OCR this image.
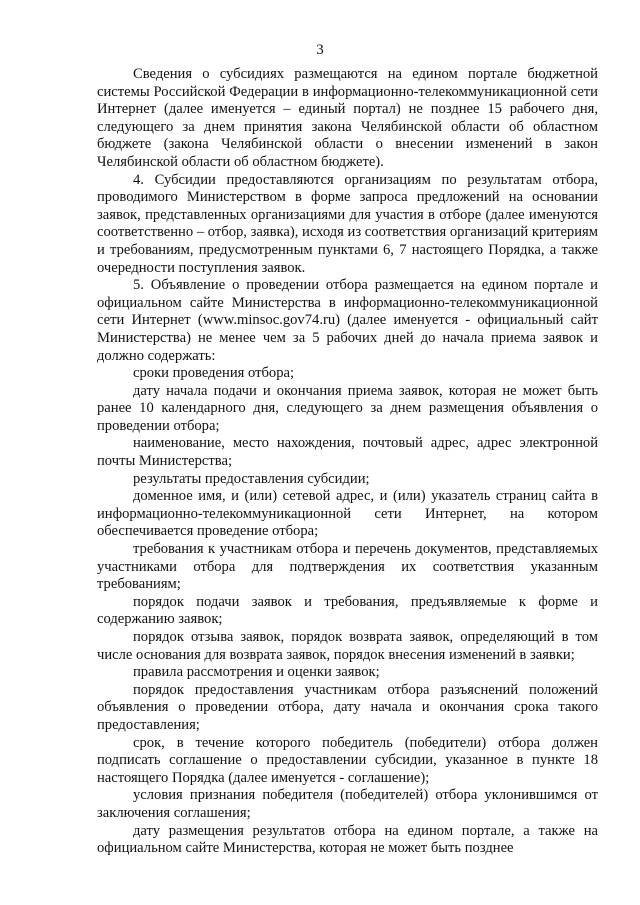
3

Сведения о субсидиях размещаются на едином портале бюджетной системы Российской Федерации в информационно-телекоммуникационной сети Интернет (далее именуется – единый портал) не позднее 15 рабочего дня, следующего за днем принятия закона Челябинской области об областном бюджете (закона Челябинской области о внесении изменений в закон Челябинской области об областном бюджете).

4. Субсидии предоставляются организациям по результатам отбора, проводимого Министерством в форме запроса предложений на основании заявок, представленных организациями для участия в отборе (далее именуются соответственно – отбор, заявка), исходя из соответствия организаций критериям и требованиям, предусмотренным пунктами 6, 7 настоящего Порядка, а также очередности поступления заявок.

5. Объявление о проведении отбора размещается на едином портале и официальном сайте Министерства в информационно-телекоммуникационной сети Интернет (www.minsoc.gov74.ru) (далее именуется - официальный сайт Министерства) не менее чем за 5 рабочих дней до начала приема заявок и должно содержать:

сроки проведения отбора;

дату начала подачи и окончания приема заявок, которая не может быть ранее 10 календарного дня, следующего за днем размещения объявления о проведении отбора;

наименование, место нахождения, почтовый адрес, адрес электронной почты Министерства;

результаты предоставления субсидии;

доменное имя, и (или) сетевой адрес, и (или) указатель страниц сайта в информационно-телекоммуникационной сети Интернет, на котором обеспечивается проведение отбора;

требования к участникам отбора и перечень документов, представляемых участниками отбора для подтверждения их соответствия указанным требованиям;

порядок подачи заявок и требования, предъявляемые к форме и содержанию заявок;

порядок отзыва заявок, порядок возврата заявок, определяющий в том числе основания для возврата заявок, порядок внесения изменений в заявки;

правила рассмотрения и оценки заявок;

порядок предоставления участникам отбора разъяснений положений объявления о проведении отбора, дату начала и окончания срока такого предоставления;

срок, в течение которого победитель (победители) отбора должен подписать соглашение о предоставлении субсидии, указанное в пункте 18 настоящего Порядка (далее именуется - соглашение);

условия признания победителя (победителей) отбора уклонившимся от заключения соглашения;

дату размещения результатов отбора на едином портале, а также на официальном сайте Министерства, которая не может быть позднее
